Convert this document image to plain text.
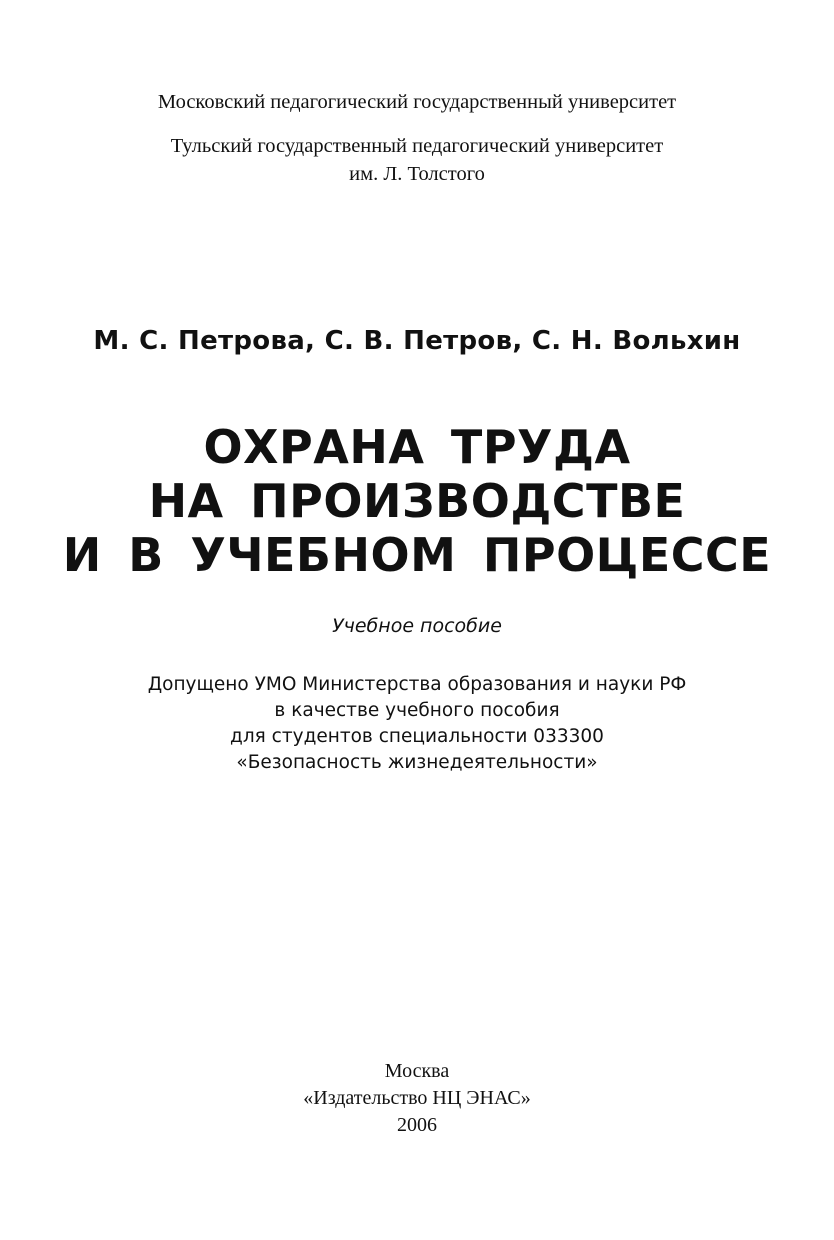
Московский педагогический государственный университет
Тульский государственный педагогический университет
им. Л. Толстого
М. С. Петрова, С. В. Петров, С. Н. Вольхин
ОХРАНА ТРУДА
НА ПРОИЗВОДСТВЕ
И В УЧЕБНОМ ПРОЦЕССЕ
Учебное пособие
Допущено УМО Министерства образования и науки РФ
в качестве учебного пособия
для студентов специальности 033300
«Безопасность жизнедеятельности»
Москва
«Издательство НЦ ЭНАС»
2006
